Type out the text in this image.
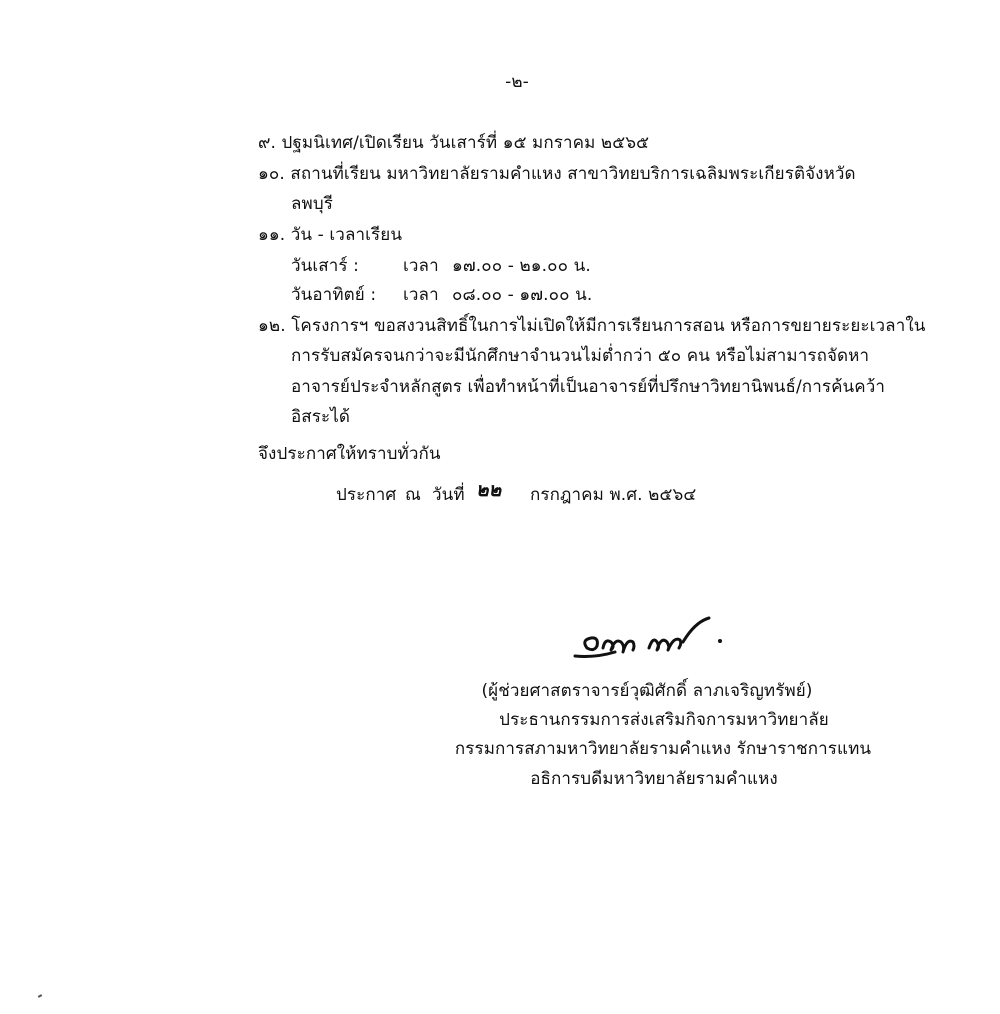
-๒-
๙. ปฐมนิเทศ/เปิดเรียน วันเสาร์ที่ ๑๕ มกราคม ๒๕๖๕
๑๐. สถานที่เรียน มหาวิทยาลัยรามคำแหง สาขาวิทยบริการเฉลิมพระเกียรติจังหวัด
ลพบุรี
๑๑. วัน - เวลาเรียน
วันเสาร์ :	เวลา ๑๗.๐๐ - ๒๑.๐๐ น.
วันอาทิตย์ : เวลา ๐๘.๐๐ - ๑๗.๐๐ น.
๑๒. โครงการฯ ขอสงวนสิทธิ์ในการไม่เปิดให้มีการเรียนการสอน หรือการขยายระยะเวลาใน
การรับสมัครจนกว่าจะมีนักศึกษาจำนวนไม่ต่ำกว่า ๕๐ คน หรือไม่สามารถจัดหา
อาจารย์ประจำหลักสูตร เพื่อทำหน้าที่เป็นอาจารย์ที่ปรึกษาวิทยานิพนธ์/การค้นคว้า
อิสระได้
จึงประกาศให้ทราบทั่วกัน
ประกาศ ณ วันที่ ๒๒ กรกฎาคม พ.ศ. ๒๕๖๔
(ผู้ช่วยศาสตราจารย์วุฒิศักดิ์ ลาภเจริญทรัพย์)
ประธานกรรมการส่งเสริมกิจการมหาวิทยาลัย
กรรมการสภามหาวิทยาลัยรามคำแหง รักษาราชการแทน
อธิการบดีมหาวิทยาลัยรามคำแหง
